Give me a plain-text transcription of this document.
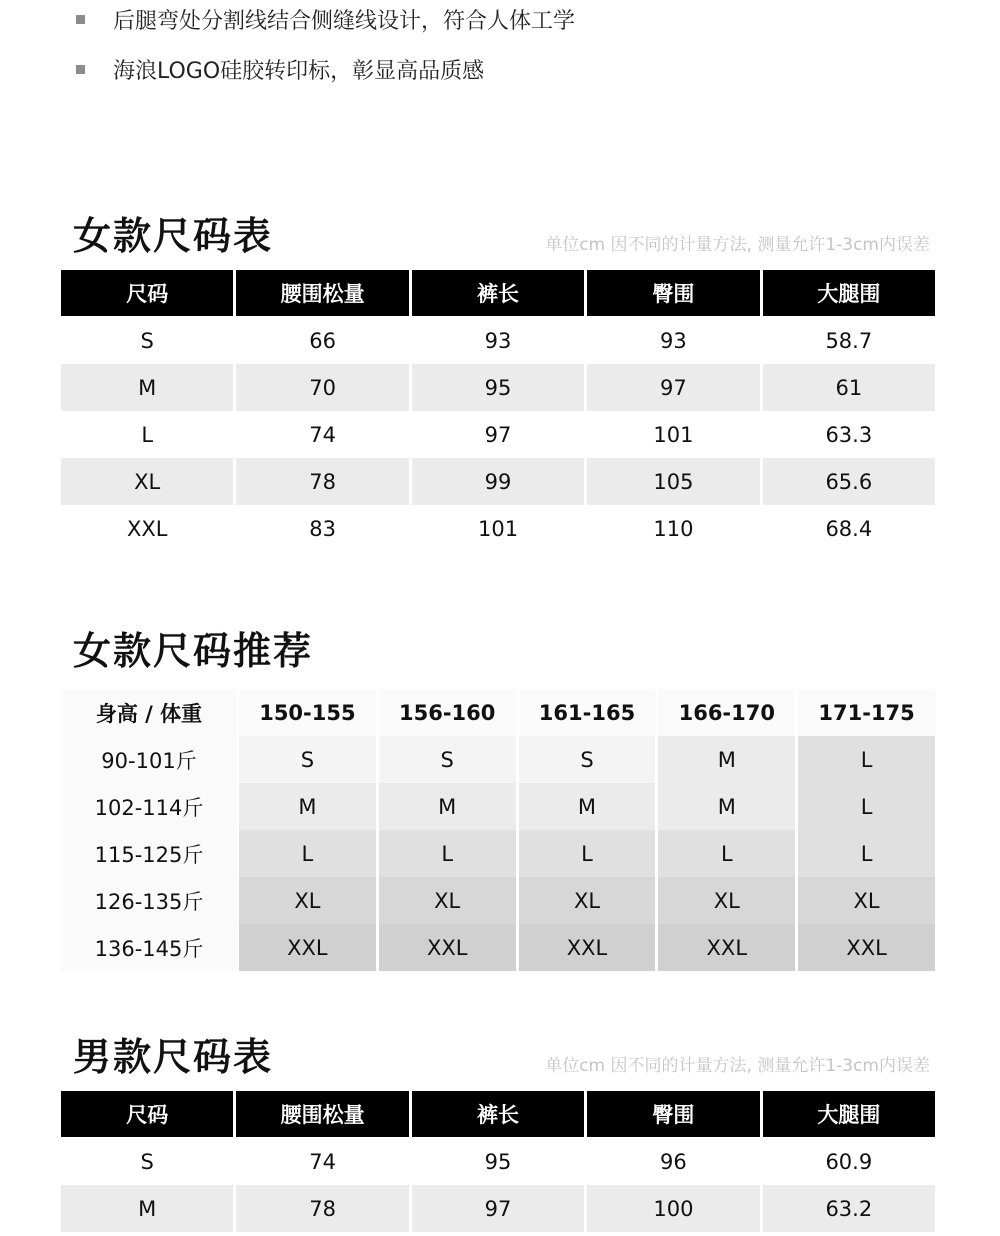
后腿弯处分割线结合侧缝线设计，符合人体工学
海浪LOGO硅胶转印标，彰显高品质感
女款尺码表	单位cm 因不同的计量方法, 测量允许1-3cm内误差
尺码	腰围松量	裤长	臀围	大腿围
S	66	93	93	58.7
M	70	95	97	61
L	74	97	101	63.3
XL	78	99	105	65.6
XXL	83	101	110	68.4
女款尺码推荐
身高 / 体重	150-155	156-160	161-165	166-170	171-175
90-101斤	S	S	S	M	L
102-114斤	M	M	M	M	L
115-125斤	L	L	L	L	L
126-135斤	XL	XL	XL	XL	XL
136-145斤	XXL	XXL	XXL	XXL	XXL
男款尺码表	单位cm 因不同的计量方法, 测量允许1-3cm内误差
尺码	腰围松量	裤长	臀围	大腿围
S	74	95	96	60.9
M	78	97	100	63.2
